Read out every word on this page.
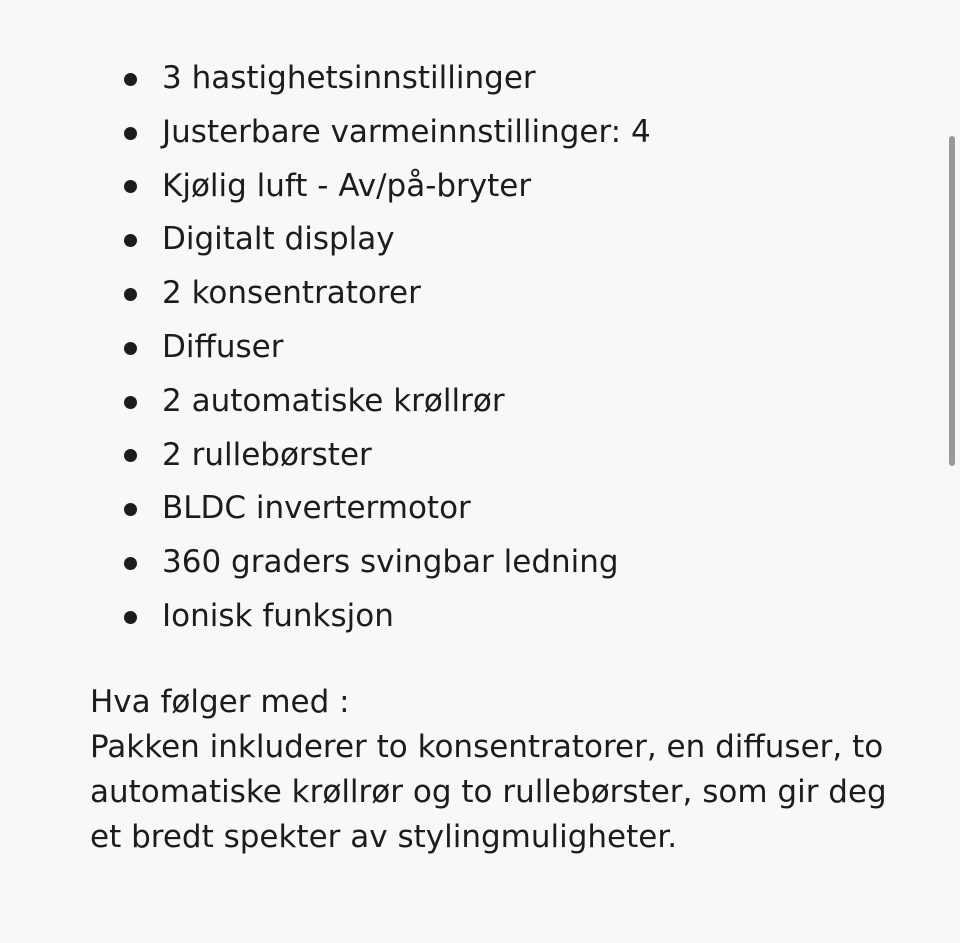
3 hastighetsinnstillinger
Justerbare varmeinnstillinger: 4
Kjølig luft - Av/på-bryter
Digitalt display
2 konsentratorer
Diffuser
2 automatiske krøllrør
2 rullebørster
BLDC invertermotor
360 graders svingbar ledning
Ionisk funksjon

Hva følger med :

Pakken inkluderer to konsentratorer, en diffuser, to automatiske krøllrør og to rullebørster, som gir deg et bredt spekter av stylingmuligheter.
